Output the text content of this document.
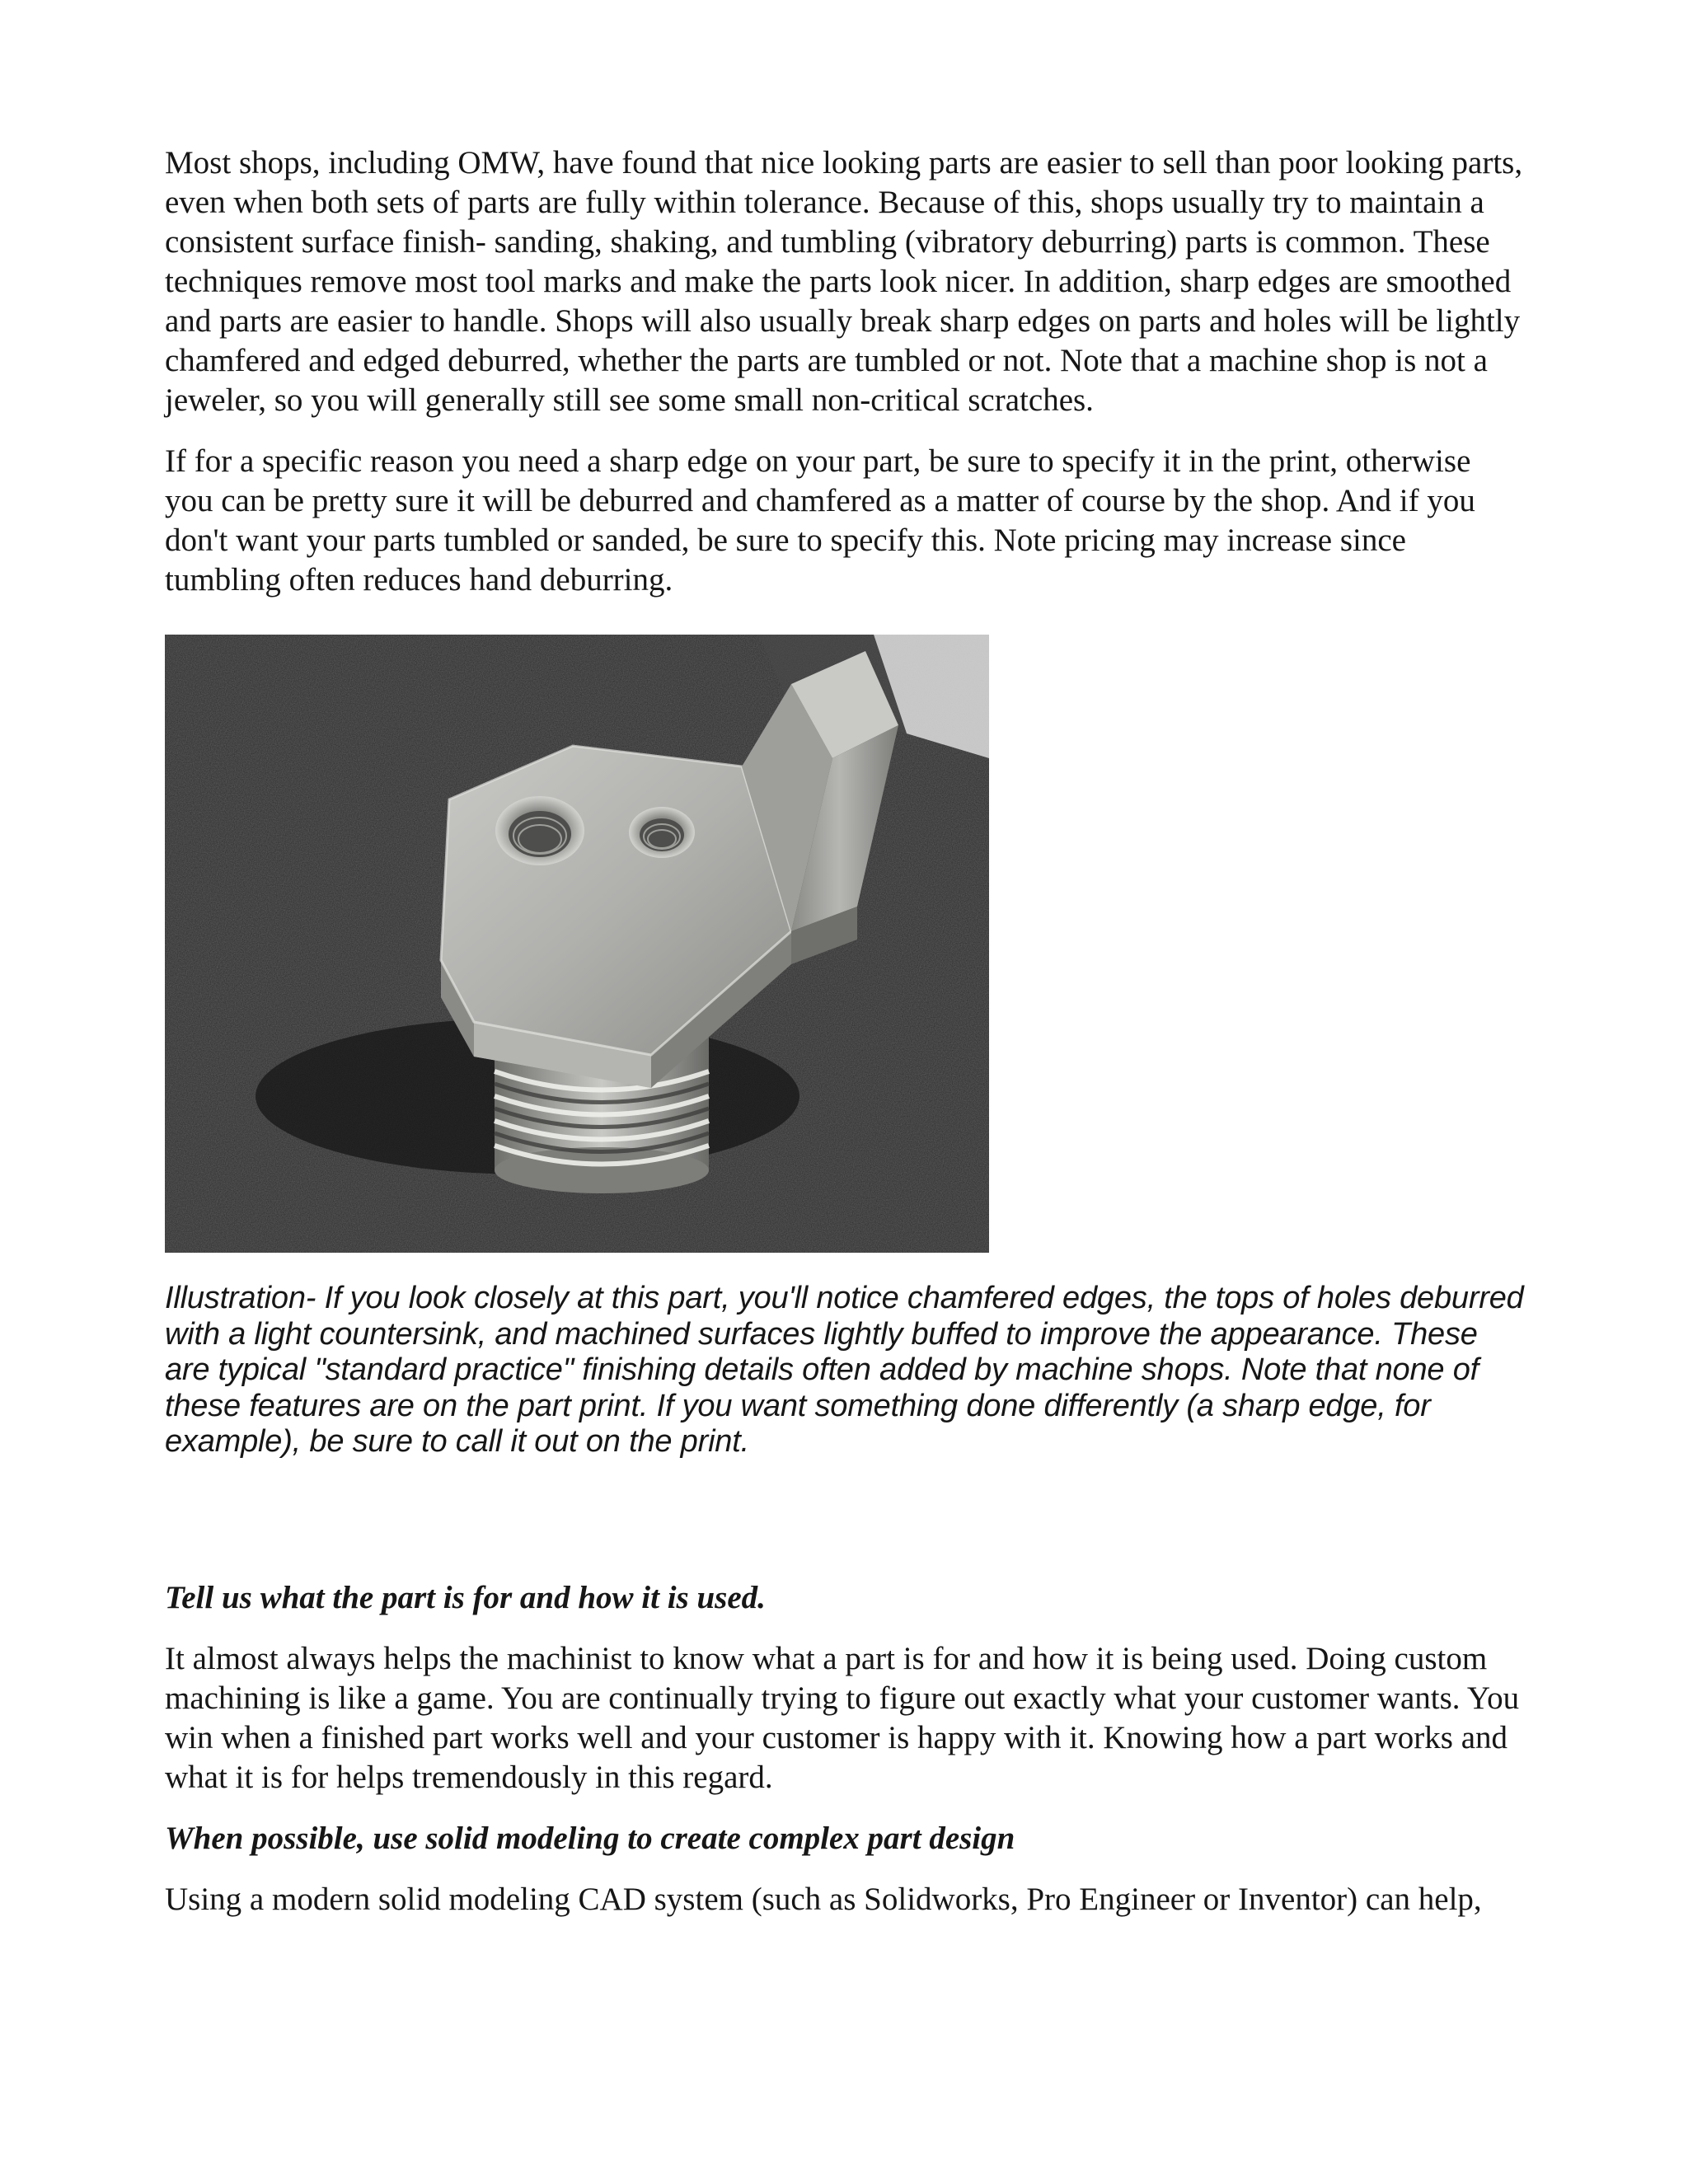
Most shops, including OMW, have found that nice looking parts are easier to sell than poor looking parts, even when both sets of parts are fully within tolerance. Because of this, shops usually try to maintain a consistent surface finish- sanding, shaking, and tumbling (vibratory deburring) parts is common. These techniques remove most tool marks and make the parts look nicer. In addition, sharp edges are smoothed and parts are easier to handle. Shops will also usually break sharp edges on parts and holes will be lightly chamfered and edged deburred, whether the parts are tumbled or not. Note that a machine shop is not a jeweler, so you will generally still see some small non-critical scratches.

If for a specific reason you need a sharp edge on your part, be sure to specify it in the print, otherwise you can be pretty sure it will be deburred and chamfered as a matter of course by the shop. And if you don't want your parts tumbled or sanded, be sure to specify this. Note pricing may increase since tumbling often reduces hand deburring.

Illustration- If you look closely at this part, you'll notice chamfered edges, the tops of holes deburred with a light countersink, and machined surfaces lightly buffed to improve the appearance. These are typical "standard practice" finishing details often added by machine shops. Note that none of these features are on the part print. If you want something done differently (a sharp edge, for example), be sure to call it out on the print.

Tell us what the part is for and how it is used.

It almost always helps the machinist to know what a part is for and how it is being used. Doing custom machining is like a game. You are continually trying to figure out exactly what your customer wants. You win when a finished part works well and your customer is happy with it. Knowing how a part works and what it is for helps tremendously in this regard.

When possible, use solid modeling to create complex part design

Using a modern solid modeling CAD system (such as Solidworks, Pro Engineer or Inventor) can help,
